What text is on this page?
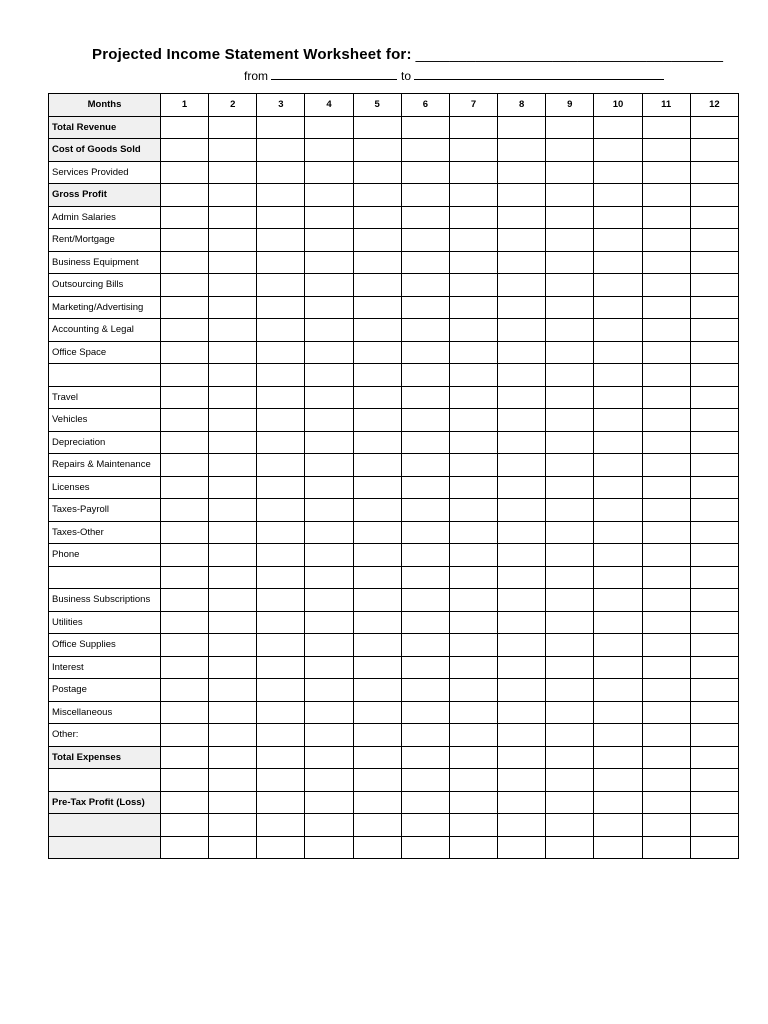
Projected Income Statement Worksheet for: ____________________________________
from	to
Months	1	2	3	4	5	6	7	8	9	10	11	12
Total Revenue												
Cost of Goods Sold												
Services Provided												
Gross Profit												
Admin Salaries												
Rent/Mortgage												
Business Equipment												
Outsourcing Bills												
Marketing/Advertising												
Accounting & Legal												
Office Space												

Travel												
Vehicles												
Depreciation												
Repairs & Maintenance												
Licenses												
Taxes-Payroll												
Taxes-Other												
Phone												

Business Subscriptions												
Utilities												
Office Supplies												
Interest												
Postage												
Miscellaneous												
Other:												
Total Expenses												

Pre-Tax Profit (Loss)												
